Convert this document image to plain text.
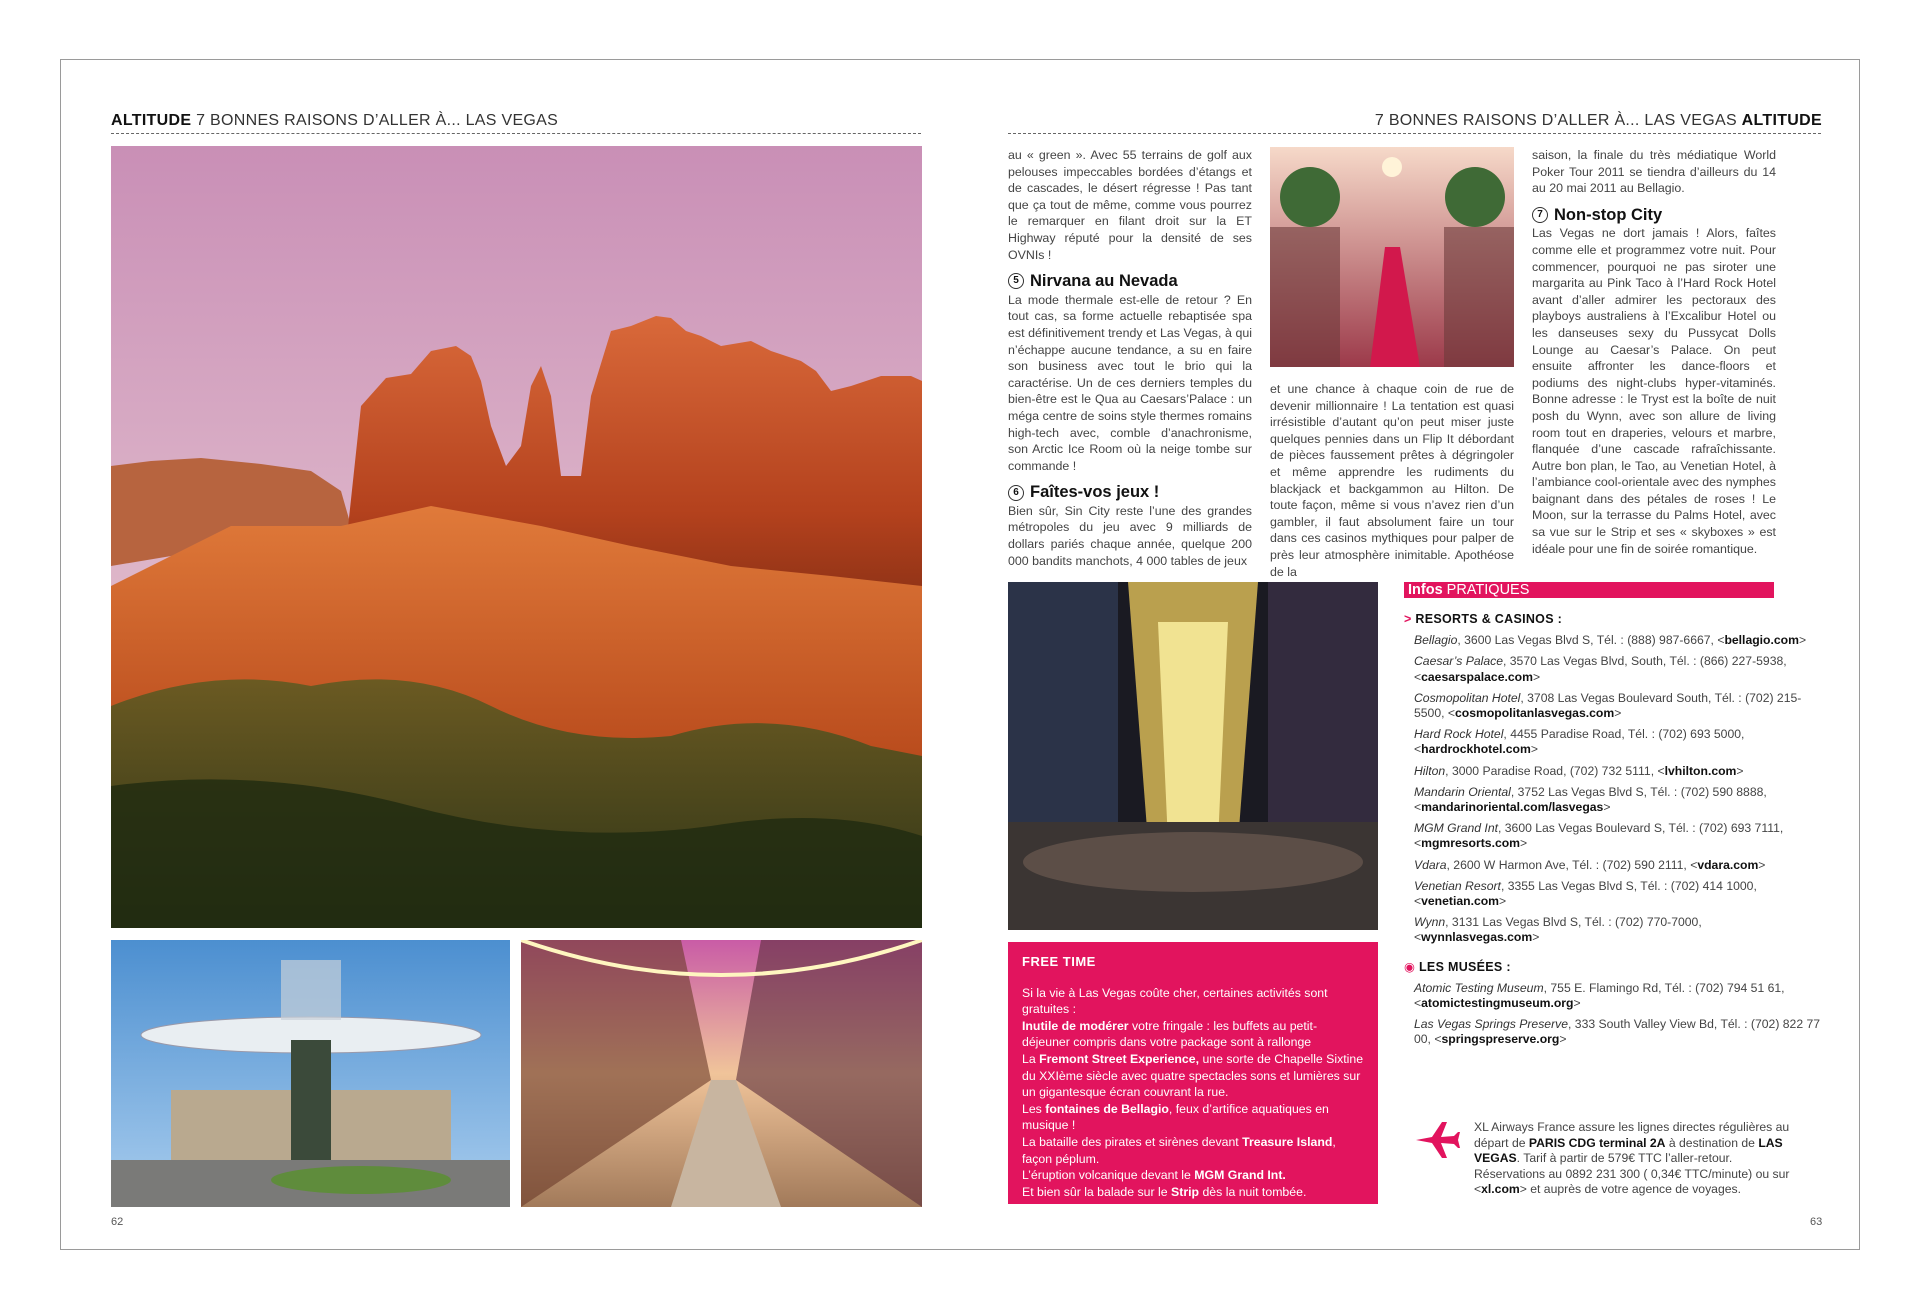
ALTITUDE 7 BONNES RAISONS D’ALLER À... LAS VEGAS	7 BONNES RAISONS D’ALLER À... LAS VEGAS ALTITUDE

au « green ». Avec 55 terrains de golf aux pelouses impeccables bordées d’étangs et de cascades, le désert régresse ! Pas tant que ça tout de même, comme vous pourrez le remarquer en filant droit sur la ET Highway réputé pour la densité de ses OVNIs !

5 Nirvana au Nevada

La mode thermale est-elle de retour ? En tout cas, sa forme actuelle rebaptisée spa est définitivement trendy et Las Vegas, à qui n’échappe aucune tendance, a su en faire son business avec tout le brio qui la caractérise. Un de ces derniers temples du bien-être est le Qua au Caesars’Palace : un méga centre de soins style thermes romains high-tech avec, comble d’anachronisme, son Arctic Ice Room où la neige tombe sur commande !

6 Faîtes-vos jeux !

Bien sûr, Sin City reste l’une des grandes métropoles du jeu avec 9 milliards de dollars pariés chaque année, quelque 200 000 bandits manchots, 4 000 tables de jeux

et une chance à chaque coin de rue de devenir millionnaire ! La tentation est quasi irrésistible d’autant qu’on peut miser juste quelques pennies dans un Flip It débordant de pièces faussement prêtes à dégringoler et même apprendre les rudiments du blackjack et backgammon au Hilton. De toute façon, même si vous n’avez rien d’un gambler, il faut absolument faire un tour dans ces casinos mythiques pour palper de près leur atmosphère inimitable. Apothéose de la

saison, la finale du très médiatique World Poker Tour 2011 se tiendra d’ailleurs du 14 au 20 mai 2011 au Bellagio.

7 Non-stop City

Las Vegas ne dort jamais ! Alors, faîtes comme elle et programmez votre nuit. Pour commencer, pourquoi ne pas siroter une margarita au Pink Taco à l’Hard Rock Hotel avant d’aller admirer les pectoraux des playboys australiens à l’Excalibur Hotel ou les danseuses sexy du Pussycat Dolls Lounge au Caesar’s Palace. On peut ensuite affronter les dance-floors et podiums des night-clubs hyper-vitaminés. Bonne adresse : le Tryst est la boîte de nuit posh du Wynn, avec son allure de living room tout en draperies, velours et marbre, flanquée d’une cascade rafraîchissante. Autre bon plan, le Tao, au Venetian Hotel, à l’ambiance cool-orientale avec des nymphes baignant dans des pétales de roses ! Le Moon, sur la terrasse du Palms Hotel, avec sa vue sur le Strip et ses « skyboxes » est idéale pour une fin de soirée romantique.

FREE TIME

Si la vie à Las Vegas coûte cher, certaines activités sont gratuites :

Inutile de modérer votre fringale : les buffets au petit-déjeuner compris dans votre package sont à rallonge

La Fremont Street Experience, une sorte de Chapelle Sixtine du XXIème siècle avec quatre spectacles sons et lumières sur un gigantesque écran couvrant la rue.

Les fontaines de Bellagio, feux d’artifice aquatiques en musique !

La bataille des pirates et sirènes devant Treasure Island, façon péplum.

L’éruption volcanique devant le MGM Grand Int.

Et bien sûr la balade sur le Strip dès la nuit tombée.

Infos PRATIQUES
> RESORTS & CASINOS :
Bellagio, 3600 Las Vegas Blvd S, Tél. : (888) 987-6667, <bellagio.com>
Caesar’s Palace, 3570 Las Vegas Blvd, South, Tél. : (866) 227-5938, <caesarspalace.com>
Cosmopolitan Hotel, 3708 Las Vegas Boulevard South, Tél. : (702) 215-5500, <cosmopolitanlasvegas.com>
Hard Rock Hotel, 4455 Paradise Road, Tél. : (702) 693 5000, <hardrockhotel.com>
Hilton, 3000 Paradise Road, (702) 732 5111, <lvhilton.com>
Mandarin Oriental, 3752 Las Vegas Blvd S, Tél. : (702) 590 8888, <mandarinoriental.com/lasvegas>
MGM Grand Int, 3600 Las Vegas Boulevard S, Tél. : (702) 693 7111, <mgmresorts.com>
Vdara, 2600 W Harmon Ave, Tél. : (702) 590 2111, <vdara.com>
Venetian Resort, 3355 Las Vegas Blvd S, Tél. : (702) 414 1000, <venetian.com>
Wynn, 3131 Las Vegas Blvd S, Tél. : (702) 770-7000, <wynnlasvegas.com>
◉ LES MUSÉES :
Atomic Testing Museum, 755 E. Flamingo Rd, Tél. : (702) 794 51 61, <atomictestingmuseum.org>
Las Vegas Springs Preserve, 333 South Valley View Bd, Tél. : (702) 822 77 00, <springspreserve.org>
XL Airways France assure les lignes directes régulières au départ de PARIS CDG terminal 2A à destination de LAS VEGAS. Tarif à partir de 579€ TTC l’aller-retour. Réservations au 0892 231 300 ( 0,34€ TTC/minute) ou sur <xl.com> et auprès de votre agence de voyages.
62	63
